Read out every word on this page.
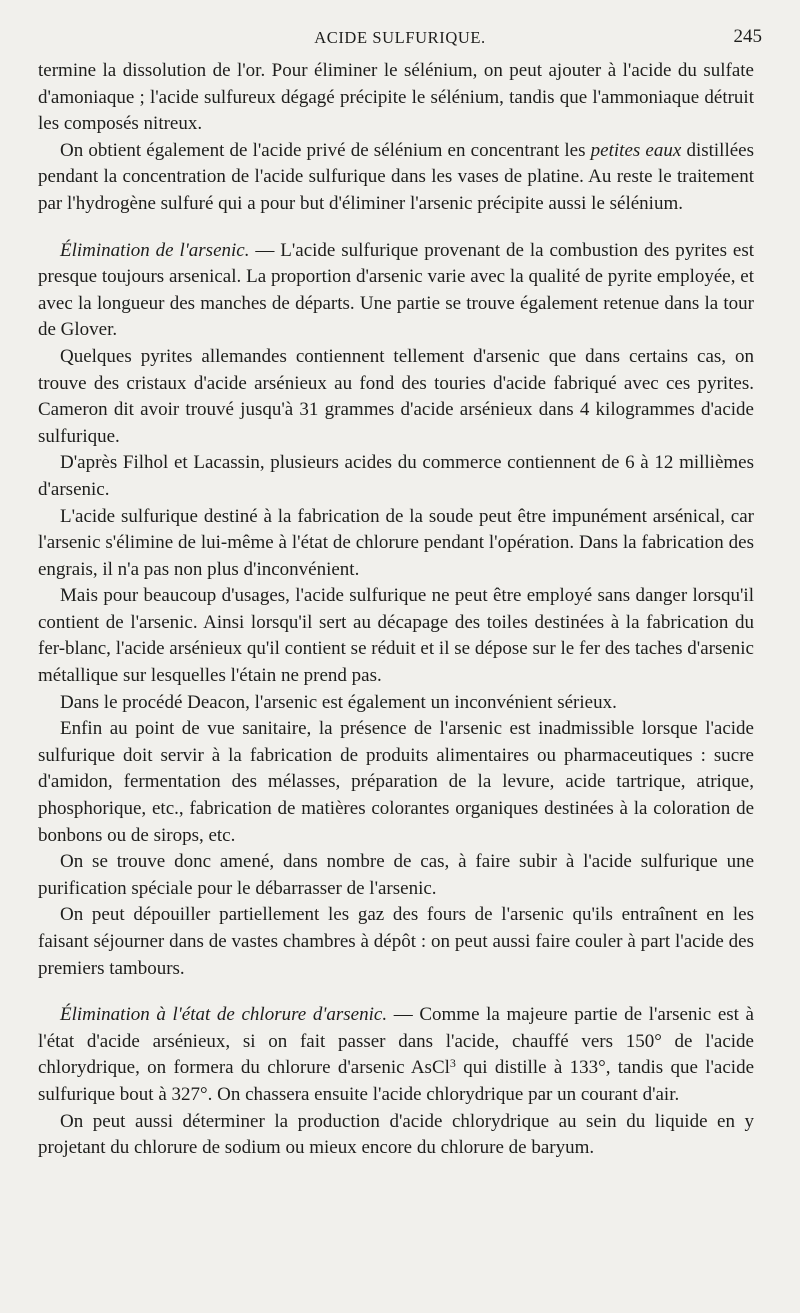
ACIDE SULFURIQUE.	245

termine la dissolution de l'or. Pour éliminer le sélénium, on peut ajouter à l'acide du sulfate d'amoniaque ; l'acide sulfureux dégagé précipite le sélénium, tandis que l'ammoniaque détruit les composés nitreux.

On obtient également de l'acide privé de sélénium en concentrant les petites eaux distillées pendant la concentration de l'acide sulfurique dans les vases de platine. Au reste le traitement par l'hydrogène sulfuré qui a pour but d'éliminer l'arsenic précipite aussi le sélénium.

Élimination de l'arsenic. — L'acide sulfurique provenant de la combustion des pyrites est presque toujours arsenical. La proportion d'arsenic varie avec la qualité de pyrite employée, et avec la longueur des manches de départs. Une partie se trouve également retenue dans la tour de Glover.

Quelques pyrites allemandes contiennent tellement d'arsenic que dans certains cas, on trouve des cristaux d'acide arsénieux au fond des touries d'acide fabriqué avec ces pyrites. Cameron dit avoir trouvé jusqu'à 31 grammes d'acide arsénieux dans 4 kilogrammes d'acide sulfurique.

D'après Filhol et Lacassin, plusieurs acides du commerce contiennent de 6 à 12 millièmes d'arsenic.

L'acide sulfurique destiné à la fabrication de la soude peut être impunément arsénical, car l'arsenic s'élimine de lui-même à l'état de chlorure pendant l'opération. Dans la fabrication des engrais, il n'a pas non plus d'inconvénient.

Mais pour beaucoup d'usages, l'acide sulfurique ne peut être employé sans danger lorsqu'il contient de l'arsenic. Ainsi lorsqu'il sert au décapage des toiles destinées à la fabrication du fer-blanc, l'acide arsénieux qu'il contient se réduit et il se dépose sur le fer des taches d'arsenic métallique sur lesquelles l'étain ne prend pas.

Dans le procédé Deacon, l'arsenic est également un inconvénient sérieux.

Enfin au point de vue sanitaire, la présence de l'arsenic est inadmissible lorsque l'acide sulfurique doit servir à la fabrication de produits alimentaires ou pharmaceutiques : sucre d'amidon, fermentation des mélasses, préparation de la levure, acide tartrique, atrique, phosphorique, etc., fabrication de matières colorantes organiques destinées à la coloration de bonbons ou de sirops, etc.

On se trouve donc amené, dans nombre de cas, à faire subir à l'acide sulfurique une purification spéciale pour le débarrasser de l'arsenic.

On peut dépouiller partiellement les gaz des fours de l'arsenic qu'ils entraînent en les faisant séjourner dans de vastes chambres à dépôt : on peut aussi faire couler à part l'acide des premiers tambours.

Élimination à l'état de chlorure d'arsenic. — Comme la majeure partie de l'arsenic est à l'état d'acide arsénieux, si on fait passer dans l'acide, chauffé vers 150° de l'acide chlorydrique, on formera du chlorure d'arsenic AsCl$^3$ qui distille à 133°, tandis que l'acide sulfurique bout à 327°. On chassera ensuite l'acide chlorydrique par un courant d'air.

On peut aussi déterminer la production d'acide chlorydrique au sein du liquide en y projetant du chlorure de sodium ou mieux encore du chlorure de baryum.
